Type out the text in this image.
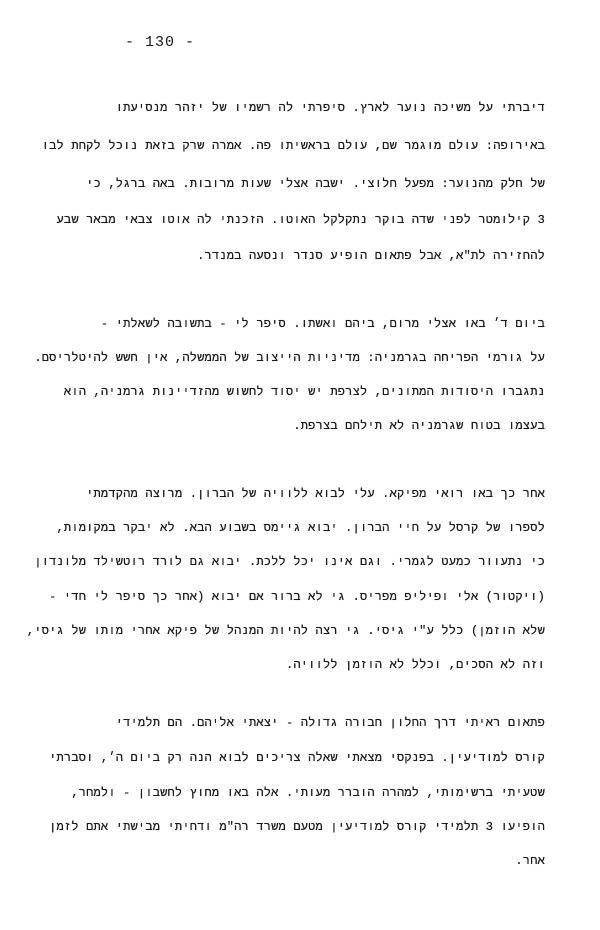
- 130 -
דיברתי על משיכה נוער לארץ. סיפרתי לה רשמיו של יזהר מנסיעתו
באירופה: עולם מוגמר שם, עולם בראשיתו פה. אמרה שרק בזאת נוכל לקחת לבו
של חלק מהנוער: מפעל חלוצי. ישבה אצלי שעות מרובות. באה ברגל, כי
3 קילומטר לפני שדה בוקר נתקלקל האוטו. הזכנתי לה אוטו צבאי מבאר שבע
להחזירה לת"א, אבל פתאום הופיע סנדר ונסעה במנדר.
ביום ד׳ באו אצלי מרום, ביהם ואשתו. סיפר לי - בתשובה לשאלתי -
על גורמי הפריחה בגרמניה: מדיניות הייצוב של הממשלה, אין חשש להיטלריסם.
נתגברו היסודות המתונים, לצרפת יש יסוד לחשוש מהזדיינות גרמניה, הוא
בעצמו בטוח שגרמניה לא תילחם בצרפת.
אחר כך באו רואי מפיקא. עלי לבוא ללוויה של הברון. מרוצה מהקדמתי
לספרו של קרסל על חיי הברון. יבוא גיימס בשבוע הבא. לא יבקר במקומות,
כי נתעוור כמעט לגמרי. וגם אינו יכל ללכת. יבוא גם לורד רוטשילד מלונדון
(ויקטור) אלי ופיליפ מפריס. גי לא ברור אם יבוא (אחר כך סיפר לי חדי -
שלא הוזמן) כלל ע"י גיסי. גי רצה להיות המנהל של פיקא אחרי מותו של גיסי,
וזה לא הסכים, וכלל לא הוזמן ללוויה.
פתאום ראיתי דרך החלון חבורה גדולה - יצאתי אליהם. הם תלמידי
קורס למודיעין. בפנקסי מצאתי שאלה צריכים לבוא הנה רק ביום ה׳, וסברתי
שטעיתי ברשימותי, למהרה הוברר מעותי. אלה באו מחוץ לחשבון - ולמחר,
הופיעו 3 תלמידי קורס למודיעין מטעם משרד רה"מ ודחיתי מבישתי אתם לזמן
אחר.
